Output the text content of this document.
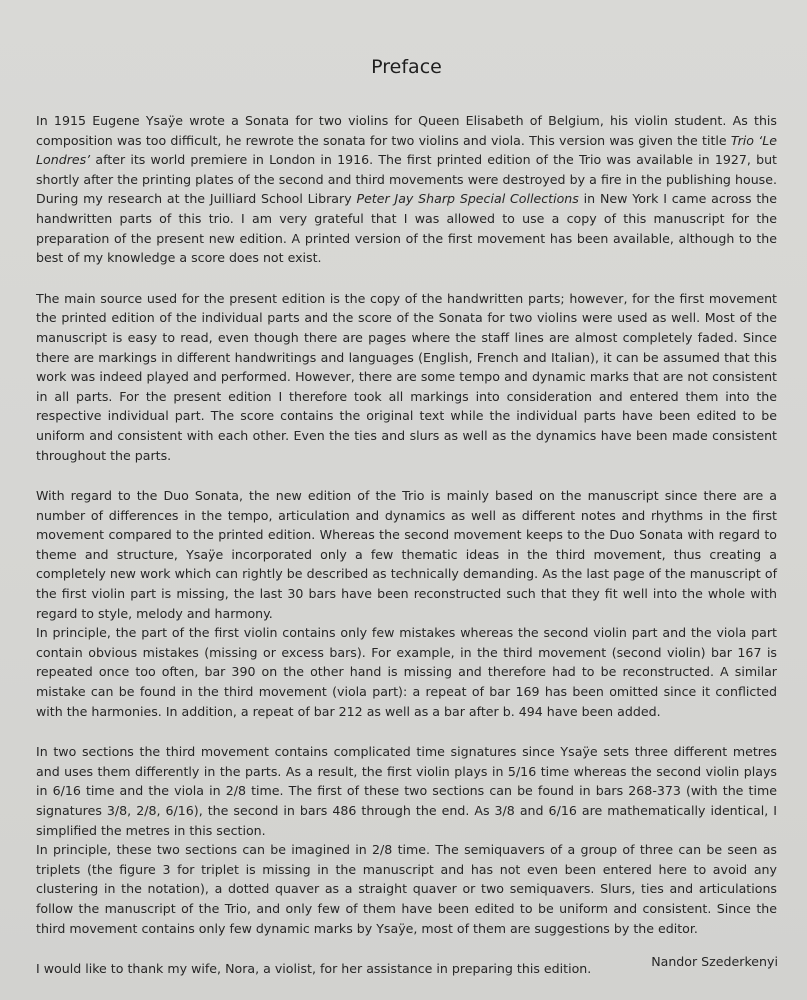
Preface

In 1915 Eugene Ysaÿe wrote a Sonata for two violins for Queen Elisabeth of Belgium, his violin student. As this composition was too difficult, he rewrote the sonata for two violins and viola. This version was given the title Trio ‘Le Londres’ after its world premiere in London in 1916. The first printed edition of the Trio was available in 1927, but shortly after the printing plates of the second and third movements were destroyed by a fire in the publishing house. During my research at the Juilliard School Library Peter Jay Sharp Special Collections in New York I came across the handwritten parts of this trio. I am very grateful that I was allowed to use a copy of this manuscript for the preparation of the present new edition. A printed version of the first movement has been available, although to the best of my knowledge a score does not exist.

The main source used for the present edition is the copy of the handwritten parts; however, for the first movement the printed edition of the individual parts and the score of the Sonata for two violins were used as well. Most of the manuscript is easy to read, even though there are pages where the staff lines are almost completely faded. Since there are markings in different handwritings and languages (English, French and Italian), it can be assumed that this work was indeed played and performed. However, there are some tempo and dynamic marks that are not consistent in all parts. For the present edition I therefore took all markings into consideration and entered them into the respective individual part. The score contains the original text while the individual parts have been edited to be uniform and consistent with each other. Even the ties and slurs as well as the dynamics have been made consistent throughout the parts.

With regard to the Duo Sonata, the new edition of the Trio is mainly based on the manuscript since there are a number of differences in the tempo, articulation and dynamics as well as different notes and rhythms in the first movement compared to the printed edition. Whereas the second movement keeps to the Duo Sonata with regard to theme and structure, Ysaÿe incorporated only a few thematic ideas in the third movement, thus creating a completely new work which can rightly be described as technically demanding. As the last page of the manuscript of the first violin part is missing, the last 30 bars have been reconstructed such that they fit well into the whole with regard to style, melody and harmony.

In principle, the part of the first violin contains only few mistakes whereas the second violin part and the viola part contain obvious mistakes (missing or excess bars). For example, in the third movement (second violin) bar 167 is repeated once too often, bar 390 on the other hand is missing and therefore had to be reconstructed. A similar mistake can be found in the third movement (viola part): a repeat of bar 169 has been omitted since it conflicted with the harmonies. In addition, a repeat of bar 212 as well as a bar after b. 494 have been added.

In two sections the third movement contains complicated time signatures since Ysaÿe sets three different metres and uses them differently in the parts. As a result, the first violin plays in 5/16 time whereas the second violin plays in 6/16 time and the viola in 2/8 time. The first of these two sections can be found in bars 268-373 (with the time signatures 3/8, 2/8, 6/16), the second in bars 486 through the end. As 3/8 and 6/16 are mathematically identical, I simplified the metres in this section.

In principle, these two sections can be imagined in 2/8 time. The semiquavers of a group of three can be seen as triplets (the figure 3 for triplet is missing in the manuscript and has not even been entered here to avoid any clustering in the notation), a dotted quaver as a straight quaver or two semiquavers. Slurs, ties and articulations follow the manuscript of the Trio, and only few of them have been edited to be uniform and consistent. Since the third movement contains only few dynamic marks by Ysaÿe, most of them are suggestions by the editor.

I would like to thank my wife, Nora, a violist, for her assistance in preparing this edition.	Nandor Szederkenyi
